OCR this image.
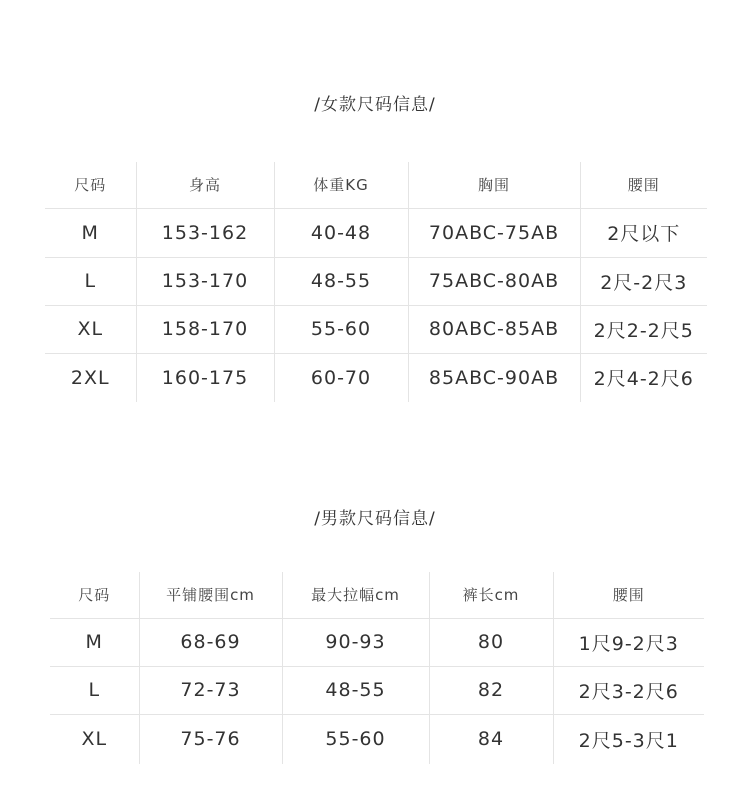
/女款尺码信息/
尺码	身高	体重KG	胸围	腰围
M	153-162	40-48	70ABC-75AB	2尺以下
L	153-170	48-55	75ABC-80AB	2尺-2尺3
XL	158-170	55-60	80ABC-85AB	2尺2-2尺5
2XL	160-175	60-70	85ABC-90AB	2尺4-2尺6
/男款尺码信息/
尺码	平铺腰围cm	最大拉幅cm	裤长cm	腰围
M	68-69	90-93	80	1尺9-2尺3
L	72-73	48-55	82	2尺3-2尺6
XL	75-76	55-60	84	2尺5-3尺1
